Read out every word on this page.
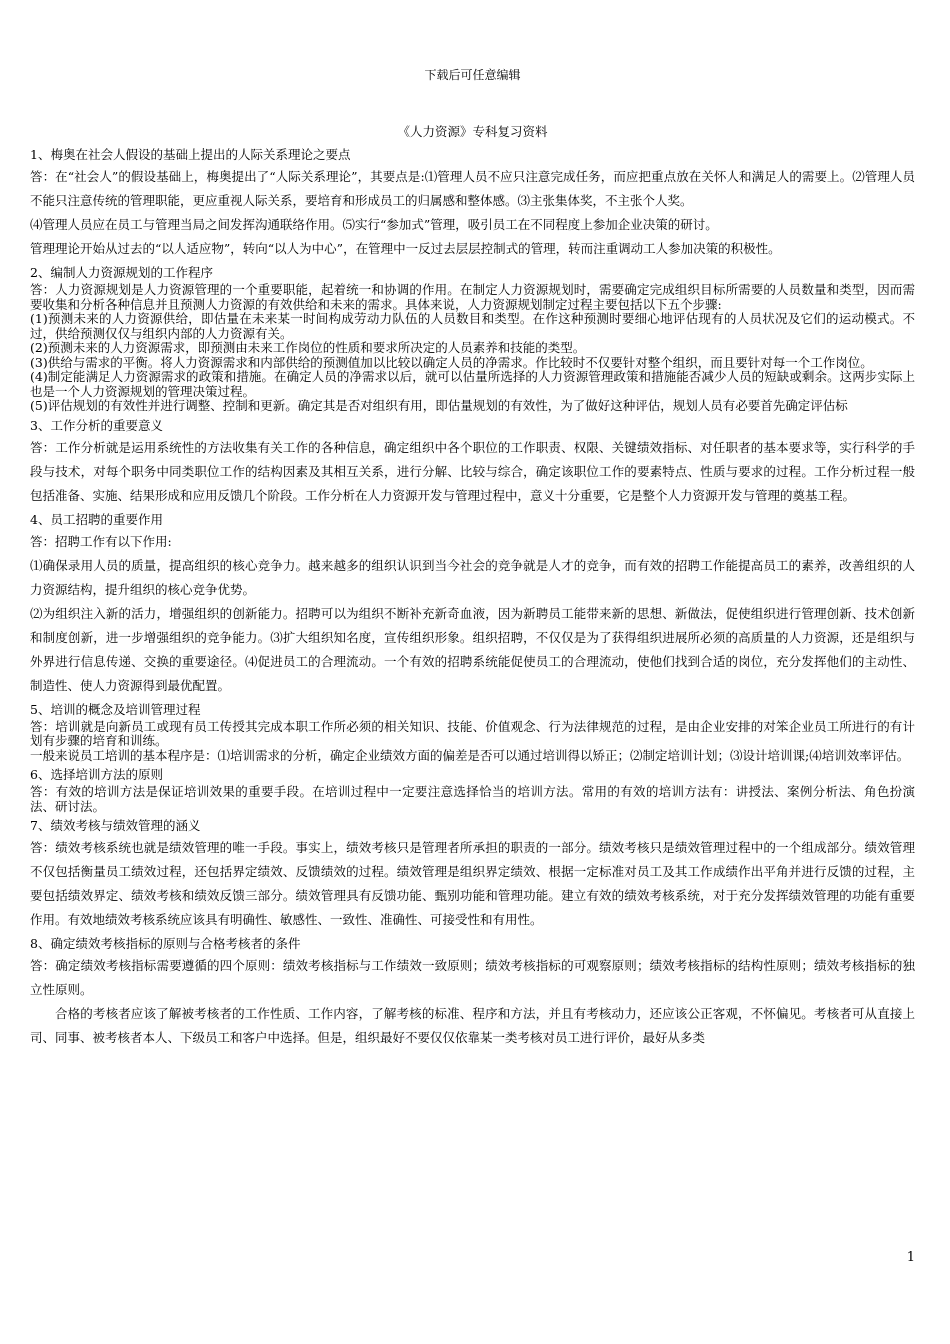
下载后可任意编辑
《人力资源》专科复习资料

1、梅奥在社会人假设的基础上提出的人际关系理论之要点

答：在“社会人”的假设基础上，梅奥提出了“人际关系理论”，其要点是:⑴管理人员不应只注意完成任务，而应把重点放在关怀人和满足人的需要上。⑵管理人员不能只注意传统的管理职能，更应重视人际关系，要培育和形成员工的归属感和整体感。⑶主张集体奖，不主张个人奖。

⑷管理人员应在员工与管理当局之间发挥沟通联络作用。⑸实行“参加式”管理，吸引员工在不同程度上参加企业决策的研讨。

管理理论开始从过去的“以人适应物”，转向“以人为中心”，在管理中一反过去层层控制式的管理，转而注重调动工人参加决策的积极性。

2、编制人力资源规划的工作程序

答：人力资源规划是人力资源管理的一个重要职能，起着统一和协调的作用。在制定人力资源规划时，需要确定完成组织目标所需要的人员数量和类型，因而需要收集和分析各种信息并且预测人力资源的有效供给和未来的需求。具体来说，人力资源规划制定过程主要包括以下五个步骤:

(1)预测未来的人力资源供给，即估量在未来某一时间构成劳动力队伍的人员数目和类型。在作这种预测时要细心地评估现有的人员状况及它们的运动模式。不过，供给预测仅仅与组织内部的人力资源有关。

(2)预测未来的人力资源需求，即预测由未来工作岗位的性质和要求所决定的人员素养和技能的类型。

(3)供给与需求的平衡。将人力资源需求和内部供给的预测值加以比较以确定人员的净需求。作比较时不仅要针对整个组织，而且要针对每一个工作岗位。

(4)制定能满足人力资源需求的政策和措施。在确定人员的净需求以后，就可以估量所选择的人力资源管理政策和措施能否减少人员的短缺或剩余。这两步实际上也是一个人力资源规划的管理决策过程。

(5)评估规划的有效性并进行调整、控制和更新。确定其是否对组织有用，即估量规划的有效性，为了做好这种评估，规划人员有必要首先确定评估标

3、工作分析的重要意义

答：工作分析就是运用系统性的方法收集有关工作的各种信息，确定组织中各个职位的工作职责、权限、关键绩效指标、对任职者的基本要求等，实行科学的手段与技术，对每个职务中同类职位工作的结构因素及其相互关系，进行分解、比较与综合，确定该职位工作的要素特点、性质与要求的过程。工作分析过程一般包括准备、实施、结果形成和应用反馈几个阶段。工作分析在人力资源开发与管理过程中，意义十分重要，它是整个人力资源开发与管理的奠基工程。

4、员工招聘的重要作用

答：招聘工作有以下作用:

⑴确保录用人员的质量，提高组织的核心竞争力。越来越多的组织认识到当今社会的竞争就是人才的竞争，而有效的招聘工作能提高员工的素养，改善组织的人力资源结构，提升组织的核心竞争优势。

⑵为组织注入新的活力，增强组织的创新能力。招聘可以为组织不断补充新奇血液，因为新聘员工能带来新的思想、新做法，促使组织进行管理创新、技术创新和制度创新，进一步增强组织的竞争能力。⑶扩大组织知名度，宣传组织形象。组织招聘，不仅仅是为了获得组织进展所必须的高质量的人力资源，还是组织与外界进行信息传递、交换的重要途径。⑷促进员工的合理流动。一个有效的招聘系统能促使员工的合理流动，使他们找到合适的岗位，充分发挥他们的主动性、制造性、使人力资源得到最优配置。

5、培训的概念及培训管理过程

答：培训就是向新员工或现有员工传授其完成本职工作所必须的相关知识、技能、价值观念、行为法律规范的过程，是由企业安排的对笨企业员工所进行的有计划有步骤的培育和训练。

一般来说员工培训的基本程序是：⑴培训需求的分析，确定企业绩效方面的偏差是否可以通过培训得以矫正；⑵制定培训计划；⑶设计培训课;⑷培训效率评估。

6、选择培训方法的原则

答：有效的培训方法是保证培训效果的重要手段。在培训过程中一定要注意选择恰当的培训方法。常用的有效的培训方法有：讲授法、案例分析法、角色扮演法、研讨法。

7、绩效考核与绩效管理的涵义

答：绩效考核系统也就是绩效管理的唯一手段。事实上，绩效考核只是管理者所承担的职责的一部分。绩效考核只是绩效管理过程中的一个组成部分。绩效管理不仅包括衡量员工绩效过程，还包括界定绩效、反馈绩效的过程。绩效管理是组织界定绩效、根据一定标准对员工及其工作成绩作出平角并进行反馈的过程，主要包括绩效界定、绩效考核和绩效反馈三部分。绩效管理具有反馈功能、甄别功能和管理功能。建立有效的绩效考核系统，对于充分发挥绩效管理的功能有重要作用。有效地绩效考核系统应该具有明确性、敏感性、一致性、准确性、可接受性和有用性。

8、确定绩效考核指标的原则与合格考核者的条件

答：确定绩效考核指标需要遵循的四个原则：绩效考核指标与工作绩效一致原则；绩效考核指标的可观察原则；绩效考核指标的结构性原则；绩效考核指标的独立性原则。

合格的考核者应该了解被考核者的工作性质、工作内容，了解考核的标准、程序和方法，并且有考核动力，还应该公正客观，不怀偏见。考核者可从直接上司、同事、被考核者本人、下级员工和客户中选择。但是，组织最好不要仅仅依靠某一类考核对员工进行评价，最好从多类

1
